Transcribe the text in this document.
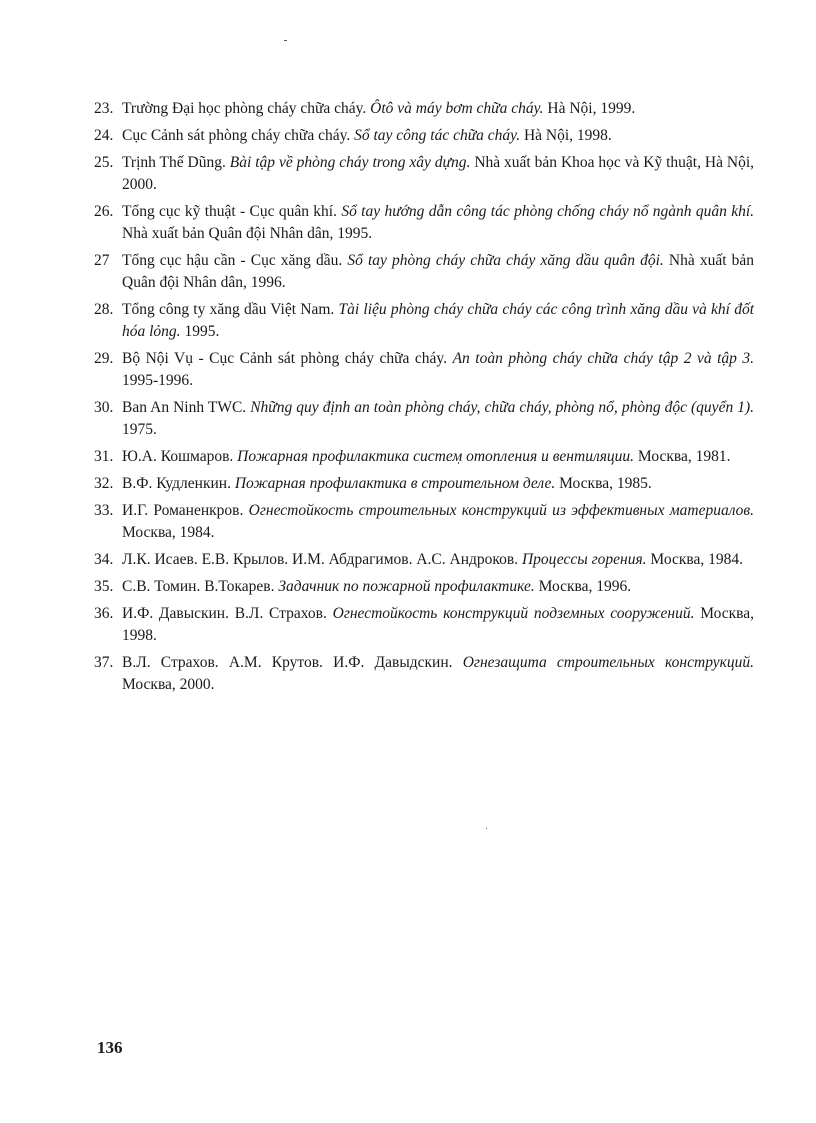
23. Trường Đại học phòng cháy chữa cháy. Ôtô và máy bơm chữa cháy. Hà Nội, 1999.
24. Cục Cảnh sát phòng cháy chữa cháy. Sổ tay công tác chữa cháy. Hà Nội, 1998.
25. Trịnh Thế Dũng. Bài tập về phòng cháy trong xây dựng. Nhà xuất bản Khoa học và Kỹ thuật, Hà Nội, 2000.
26. Tổng cục kỹ thuật - Cục quân khí. Sổ tay hướng dẫn công tác phòng chống cháy nổ ngành quân khí. Nhà xuất bản Quân đội Nhân dân, 1995.
27 Tổng cục hậu cần - Cục xăng dầu. Sổ tay phòng cháy chữa cháy xăng dầu quân đội. Nhà xuất bản Quân đội Nhân dân, 1996.
28. Tổng công ty xăng dầu Việt Nam. Tài liệu phòng cháy chữa cháy các công trình xăng dầu và khí đốt hóa lỏng. 1995.
29. Bộ Nội Vụ - Cục Cảnh sát phòng cháy chữa cháy. An toàn phòng cháy chữa cháy tập 2 và tập 3. 1995-1996.
30. Ban An Ninh TWC. Những quy định an toàn phòng cháy, chữa cháy, phòng nổ, phòng độc (quyển 1). 1975.
31. Ю.А. Кошмаров. Пожарная профилактика систем отопления и вентиляции. Москва, 1981.
32. В.Ф. Кудленкин. Пожарная профилактика в строительном деле. Москва, 1985.
33. И.Г. Романенкров. Огнестойкость строительных конструкций из эффективных материалов. Москва, 1984.
34. Л.К. Исаев. Е.В. Крылов. И.М. Абдрагимов. А.С. Андроков. Процессы горения. Москва, 1984.
35. С.В. Томин. В.Токарев. Задачник по пожарной профилактике. Москва, 1996.
36. И.Ф. Давыскин. В.Л. Страхов. Огнестойкость конструкций подземных сооружений. Москва, 1998.
37. В.Л. Страхов. А.М. Крутов. И.Ф. Давыдскин. Огнезащита строительных конструкций. Москва, 2000.
136
